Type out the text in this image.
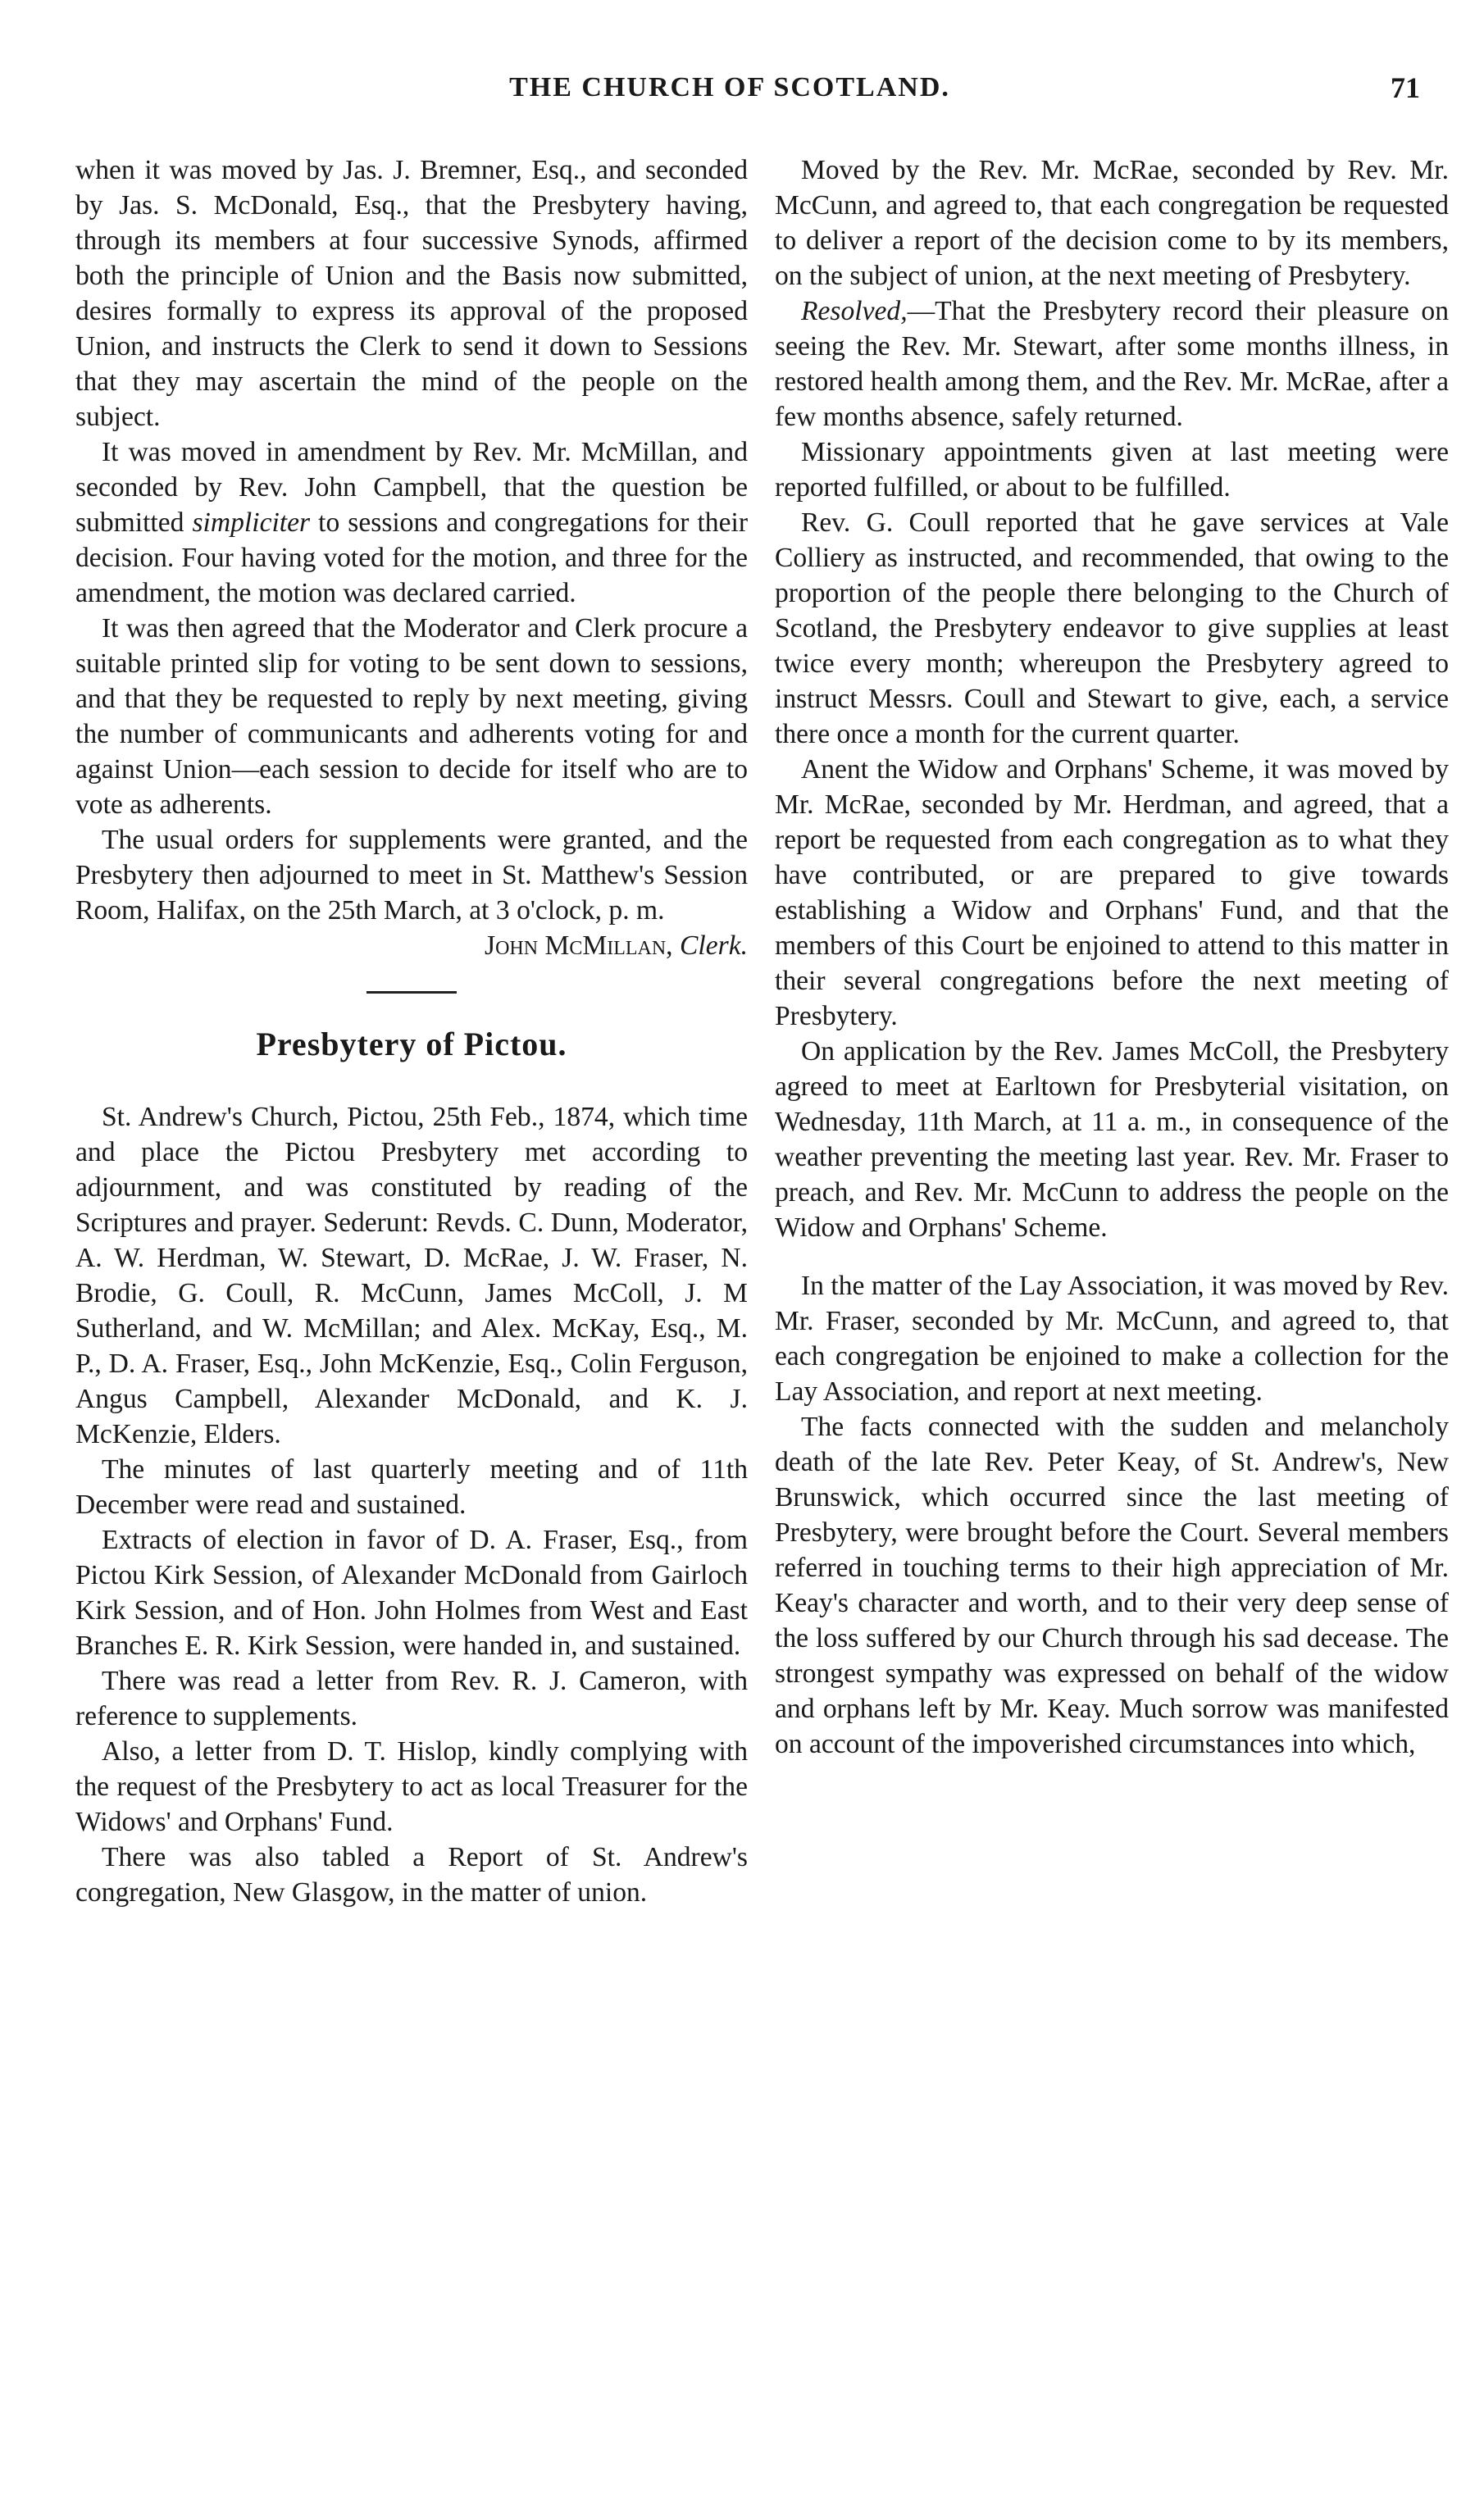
THE CHURCH OF SCOTLAND.	71

when it was moved by Jas. J. Bremner, Esq., and seconded by Jas. S. McDonald, Esq., that the Presbytery having, through its members at four successive Synods, affirmed both the principle of Union and the Basis now submitted, desires formally to express its approval of the proposed Union, and instructs the Clerk to send it down to Sessions that they may ascertain the mind of the people on the subject.

It was moved in amendment by Rev. Mr. McMillan, and seconded by Rev. John Campbell, that the question be submitted simpliciter to sessions and congregations for their decision. Four having voted for the motion, and three for the amendment, the motion was declared carried.

It was then agreed that the Moderator and Clerk procure a suitable printed slip for voting to be sent down to sessions, and that they be requested to reply by next meeting, giving the number of communicants and adherents voting for and against Union—each session to decide for itself who are to vote as adherents.

The usual orders for supplements were granted, and the Presbytery then adjourned to meet in St. Matthew's Session Room, Halifax, on the 25th March, at 3 o'clock, p. m.

John McMillan, Clerk.
Presbytery of Pictou.

St. Andrew's Church, Pictou, 25th Feb., 1874, which time and place the Pictou Presbytery met according to adjournment, and was constituted by reading of the Scriptures and prayer. Sederunt: Revds. C. Dunn, Moderator, A. W. Herdman, W. Stewart, D. McRae, J. W. Fraser, N. Brodie, G. Coull, R. McCunn, James McColl, J. M Sutherland, and W. McMillan; and Alex. McKay, Esq., M. P., D. A. Fraser, Esq., John McKenzie, Esq., Colin Ferguson, Angus Campbell, Alexander McDonald, and K. J. McKenzie, Elders.

The minutes of last quarterly meeting and of 11th December were read and sustained.

Extracts of election in favor of D. A. Fraser, Esq., from Pictou Kirk Session, of Alexander McDonald from Gairloch Kirk Session, and of Hon. John Holmes from West and East Branches E. R. Kirk Session, were handed in, and sustained.

There was read a letter from Rev. R. J. Cameron, with reference to supplements.

Also, a letter from D. T. Hislop, kindly complying with the request of the Presbytery to act as local Treasurer for the Widows' and Orphans' Fund.

There was also tabled a Report of St. Andrew's congregation, New Glasgow, in the matter of union.

Moved by the Rev. Mr. McRae, seconded by Rev. Mr. McCunn, and agreed to, that each congregation be requested to deliver a report of the decision come to by its members, on the subject of union, at the next meeting of Presbytery.

Resolved,—That the Presbytery record their pleasure on seeing the Rev. Mr. Stewart, after some months illness, in restored health among them, and the Rev. Mr. McRae, after a few months absence, safely returned.

Missionary appointments given at last meeting were reported fulfilled, or about to be fulfilled.

Rev. G. Coull reported that he gave services at Vale Colliery as instructed, and recommended, that owing to the proportion of the people there belonging to the Church of Scotland, the Presbytery endeavor to give supplies at least twice every month; whereupon the Presbytery agreed to instruct Messrs. Coull and Stewart to give, each, a service there once a month for the current quarter.

Anent the Widow and Orphans' Scheme, it was moved by Mr. McRae, seconded by Mr. Herdman, and agreed, that a report be requested from each congregation as to what they have contributed, or are prepared to give towards establishing a Widow and Orphans' Fund, and that the members of this Court be enjoined to attend to this matter in their several congregations before the next meeting of Presbytery.

On application by the Rev. James McColl, the Presbytery agreed to meet at Earltown for Presbyterial visitation, on Wednesday, 11th March, at 11 a. m., in consequence of the weather preventing the meeting last year. Rev. Mr. Fraser to preach, and Rev. Mr. McCunn to address the people on the Widow and Orphans' Scheme.

In the matter of the Lay Association, it was moved by Rev. Mr. Fraser, seconded by Mr. McCunn, and agreed to, that each congregation be enjoined to make a collection for the Lay Association, and report at next meeting.

The facts connected with the sudden and melancholy death of the late Rev. Peter Keay, of St. Andrew's, New Brunswick, which occurred since the last meeting of Presbytery, were brought before the Court. Several members referred in touching terms to their high appreciation of Mr. Keay's character and worth, and to their very deep sense of the loss suffered by our Church through his sad decease. The strongest sympathy was expressed on behalf of the widow and orphans left by Mr. Keay. Much sorrow was manifested on account of the impoverished circumstances into which,
